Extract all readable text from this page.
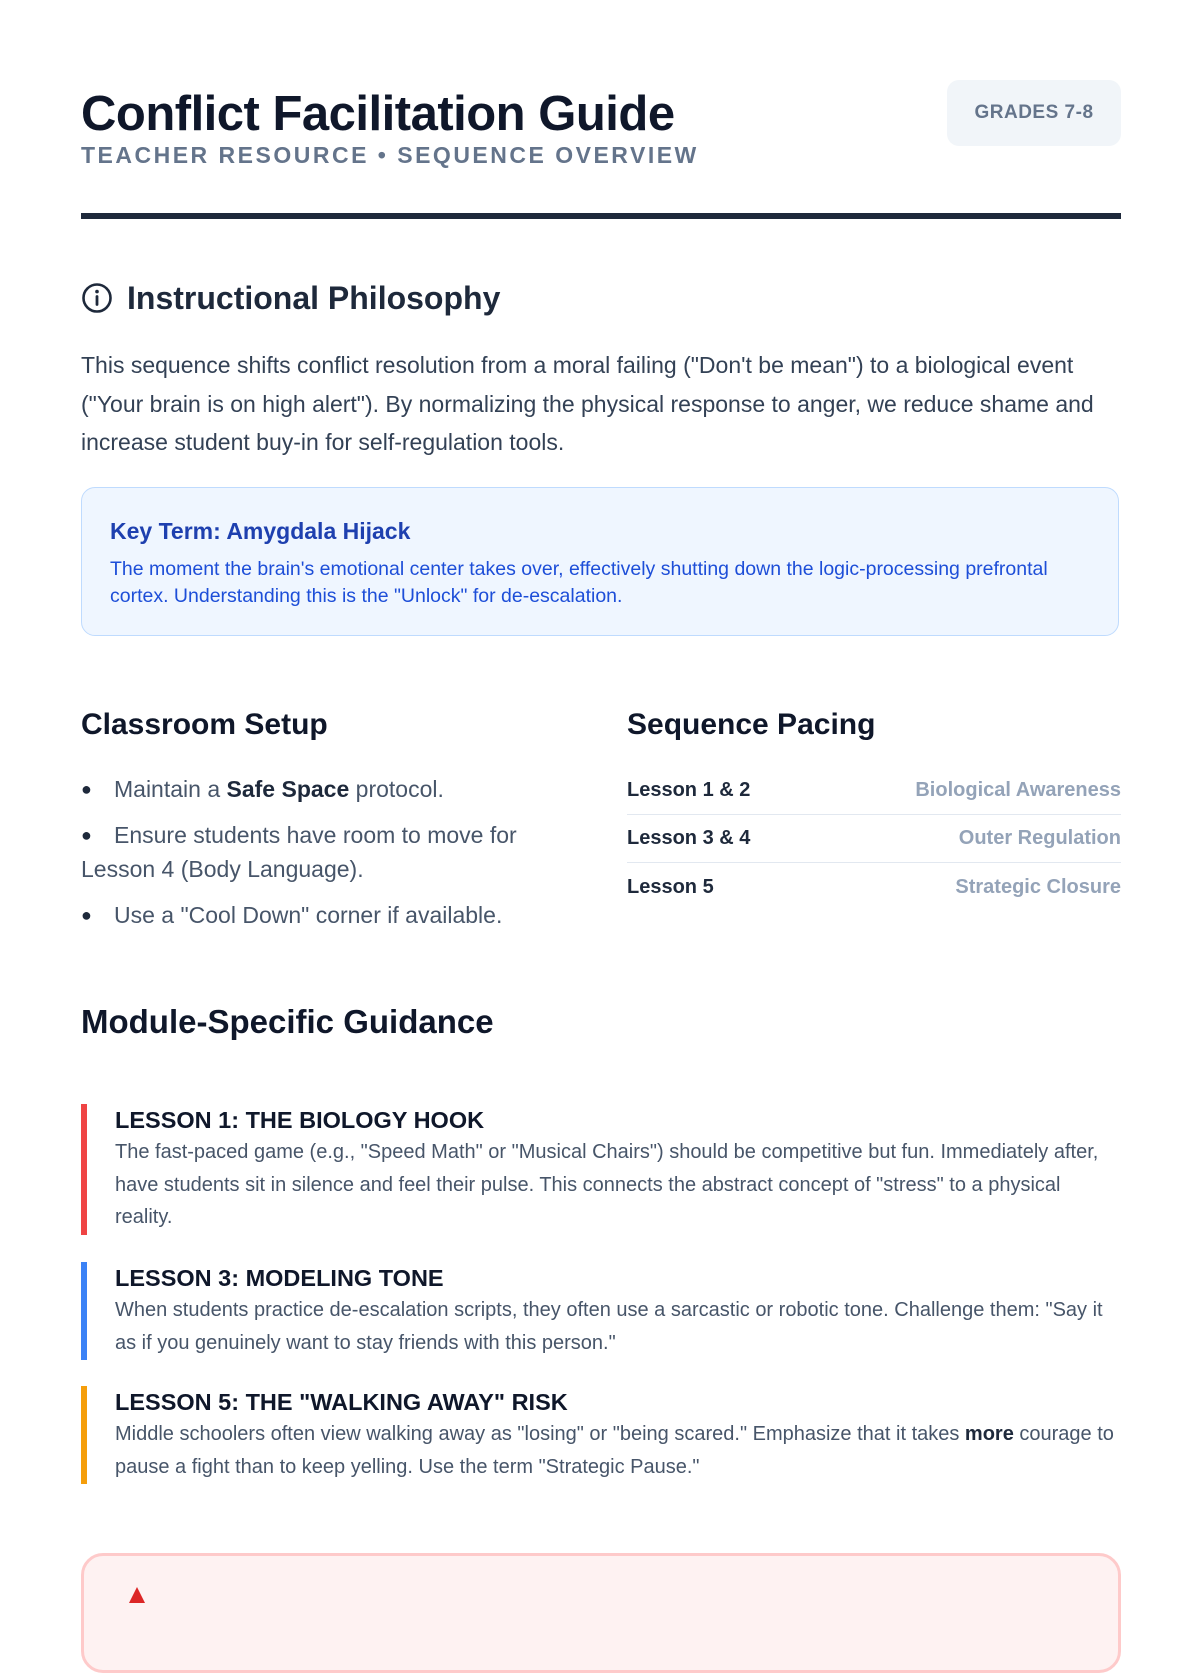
Conflict Facilitation Guide
TEACHER RESOURCE • SEQUENCE OVERVIEW
GRADES 7-8
Instructional Philosophy

This sequence shifts conflict resolution from a moral failing ("Don't be mean") to a biological event ("Your brain is on high alert"). By normalizing the physical response to anger, we reduce shame and increase student buy-in for self-regulation tools.

Key Term: Amygdala Hijack
The moment the brain's emotional center takes over, effectively shutting down the logic-processing prefrontal cortex. Understanding this is the "Unlock" for de-escalation.
Classroom Setup
● Maintain a Safe Space protocol.
● Ensure students have room to move for Lesson 4 (Body Language).
● Use a "Cool Down" corner if available.
Sequence Pacing
Lesson 1 & 2	Biological Awareness
Lesson 3 & 4	Outer Regulation
Lesson 5	Strategic Closure
Module-Specific Guidance
LESSON 1: THE BIOLOGY HOOK

The fast-paced game (e.g., "Speed Math" or "Musical Chairs") should be competitive but fun. Immediately after, have students sit in silence and feel their pulse. This connects the abstract concept of "stress" to a physical reality.

LESSON 3: MODELING TONE

When students practice de-escalation scripts, they often use a sarcastic or robotic tone. Challenge them: "Say it as if you genuinely want to stay friends with this person."

LESSON 5: THE "WALKING AWAY" RISK

Middle schoolers often view walking away as "losing" or "being scared." Emphasize that it takes more courage to pause a fight than to keep yelling. Use the term "Strategic Pause."
